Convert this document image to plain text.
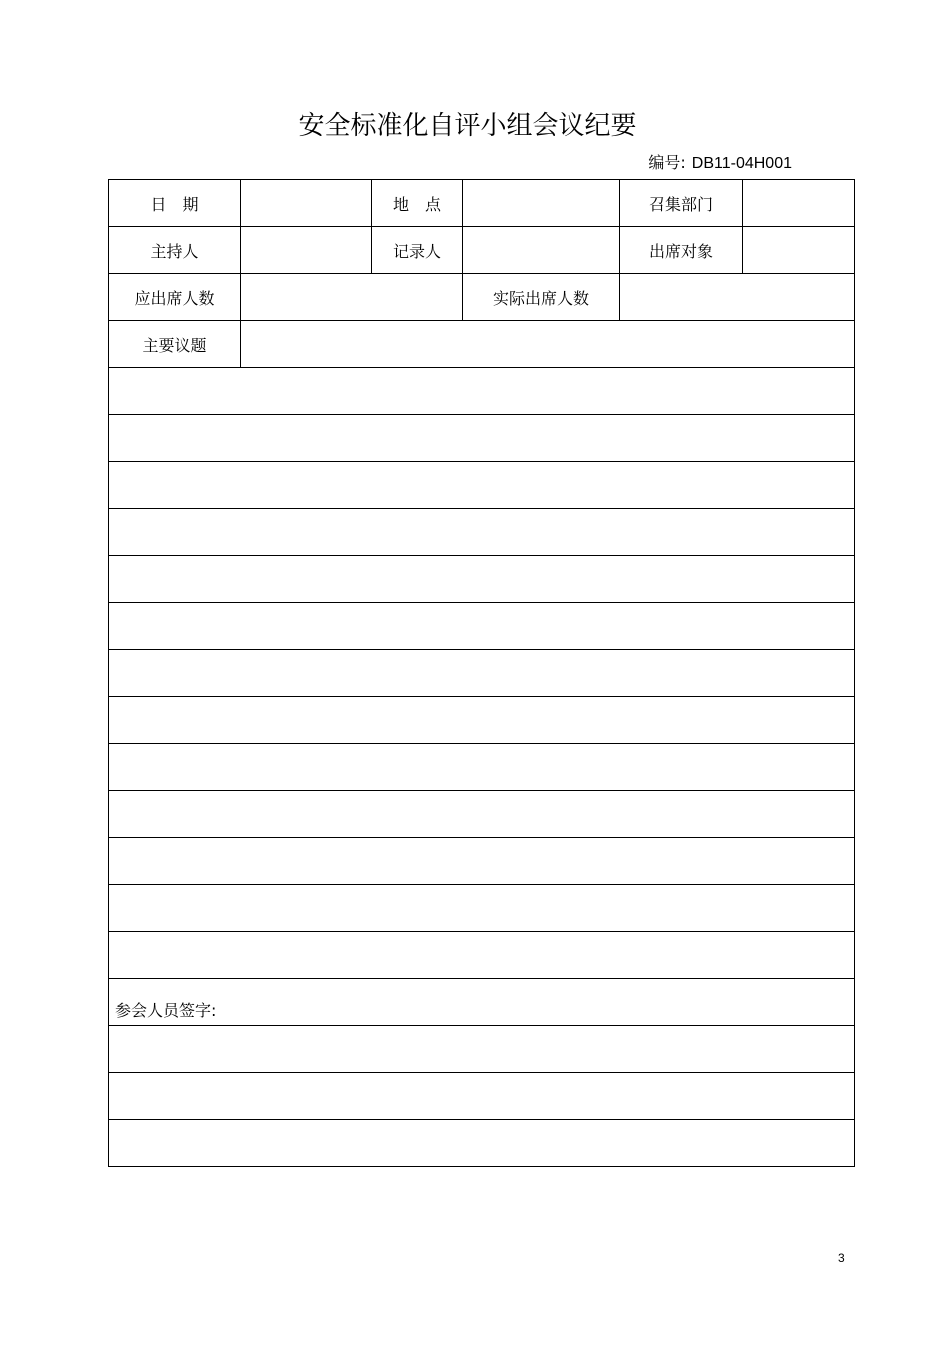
安全标准化自评小组会议纪要
编号: DB11-04H001
日　期		地　点		召集部门	
主持人		记录人		出席对象	
应出席人数			实际出席人数		
主要议题					

参会人员签字:					

3
